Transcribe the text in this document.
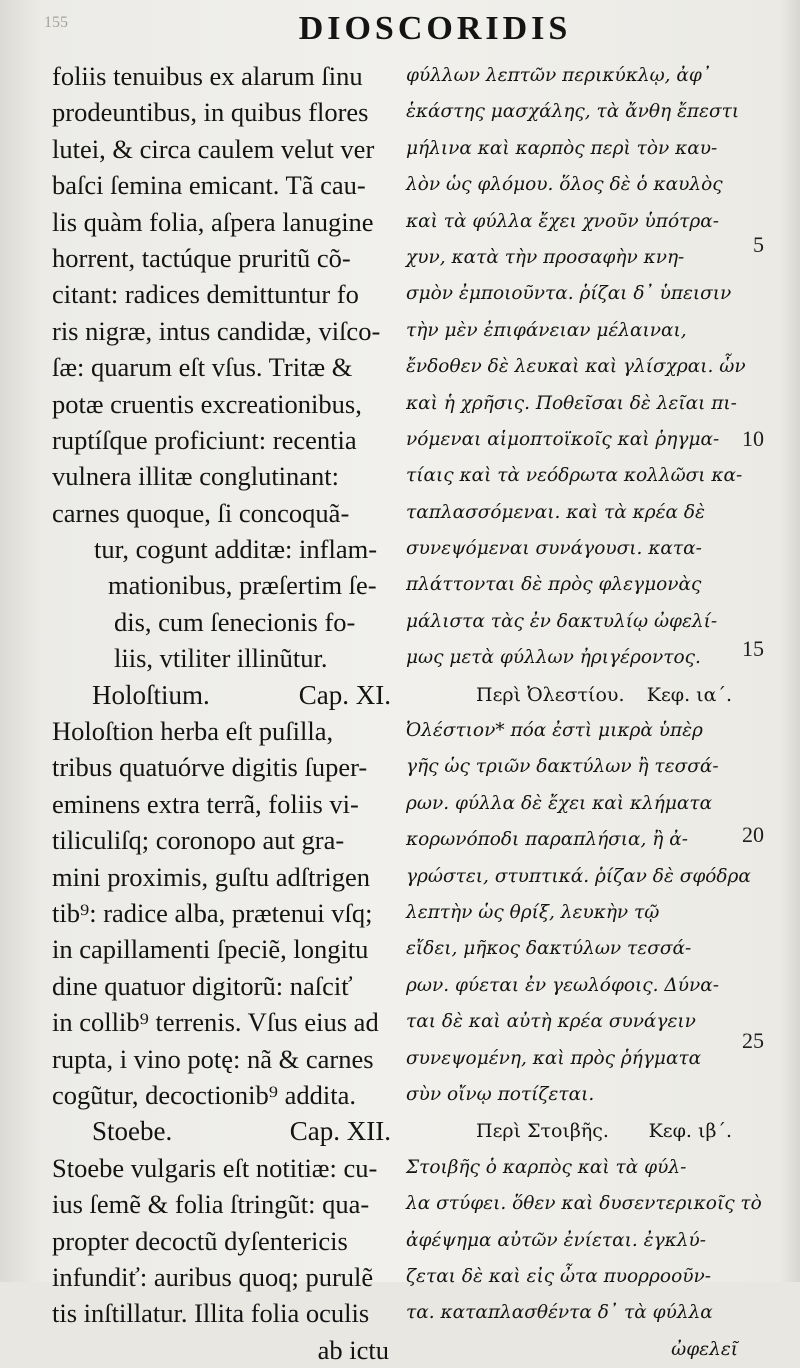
155	DIOSCORIDIS
foliis tenuibus ex alarum ſinu
prodeuntibus, in quibus flores
lutei, & circa caulem velut ver
baſci ſemina emicant. Tã cau-
lis quàm folia, aſpera lanugine
horrent, tactúque pruritũ cõ-
citant: radices demittuntur fo
ris nigræ, intus candidæ, viſco-
ſæ: quarum eſt vſus. Tritæ &
potæ cruentis excreationibus,
ruptíſque proficiunt: recentia
vulnera illitæ conglutinant:
carnes quoque, ſi concoquã-
tur, cogunt additæ: inflam-
mationibus, præſertim ſe-
dis, cum ſenecionis fo-
liis, vtiliter illinũtur.
Holoſtium.	Cap. XI.
Holoſtion herba eſt puſilla,
tribus quatuórve digitis ſuper-
eminens extra terrã, foliis vi-
tiliculiſq; coronopo aut gra-
mini proximis, guſtu adſtrigen
tib⁹: radice alba, prætenui vſq;
in capillamenti ſpeciẽ, longitu
dine quatuor digitorũ: naſciť
in collib⁹ terrenis. Vſus eius ad
rupta, i vino potę: nã & carnes
cogũtur, decoctionib⁹ addita.
Stoebe.	Cap. XII.
Stoebe vulgaris eſt notitiæ: cu-
ius ſemẽ & folia ſtringũt: qua-
propter decoctũ dyſentericis
infundiť: auribus quoq; purulẽ
tis inſtillatur. Illita folia oculis
ab ictu
φύλλων λεπτῶν περικύκλῳ, ἀφ᾽
ἑκάστης μασχάλης, τὰ ἄνθη ἔπεστι
μήλινα καὶ καρπὸς περὶ τὸν καυ-
λὸν ὡς φλόμου. ὅλος δὲ ὁ καυλὸς
καὶ τὰ φύλλα ἔχει χνοῦν ὑπότρα-
χυν, κατὰ τὴν προσαφὴν κνη-
σμὸν ἐμποιοῦντα. ῥίζαι δ᾽ ὑπεισιν
τὴν μὲν ἐπιφάνειαν μέλαιναι,
ἔνδοθεν δὲ λευκαὶ καὶ γλίσχραι. ὧν
καὶ ἡ χρῆσις. Ποθεῖσαι δὲ λεῖαι πι-
νόμεναι αἱμοπτοϊκοῖς καὶ ῥηγμα-
τίαις καὶ τὰ νεόδρωτα κολλῶσι κα-
ταπλασσόμεναι. καὶ τὰ κρέα δὲ
συνεψόμεναι συνάγουσι. κατα-
πλάττονται δὲ πρὸς φλεγμονὰς
μάλιστα τὰς ἐν δακτυλίῳ ὠφελί-
μως μετὰ φύλλων ἠριγέροντος.
Περὶ Ὀλεστίου. Κεφ. ια΄.
Ὀλέστιον* πόα ἐστὶ μικρὰ ὑπὲρ
γῆς ὡς τριῶν δακτύλων ἢ τεσσά-
ρων. φύλλα δὲ ἔχει καὶ κλήματα
κορωνόποδι παραπλήσια, ἢ ἀ-
γρώστει, στυπτικά. ῥίζαν δὲ σφόδρα
λεπτὴν ὡς θρίξ, λευκὴν τῷ
εἴδει, μῆκος δακτύλων τεσσά-
ρων. φύεται ἐν γεωλόφοις. Δύνα-
ται δὲ καὶ αὐτὴ κρέα συνάγειν
συνεψομένη, καὶ πρὸς ῥήγματα
σὺν οἴνῳ ποτίζεται.
Περὶ Στοιβῆς. Κεφ. ιβ΄.
Στοιβῆς ὁ καρπὸς καὶ τὰ φύλ-
λα στύφει. ὅθεν καὶ δυσεντερικοῖς τὸ
ἀφέψημα αὐτῶν ἐνίεται. ἐγκλύ-
ζεται δὲ καὶ εἰς ὦτα πυορροοῦν-
τα. καταπλασθέντα δ᾽ τὰ φύλλα
ὠφελεῖ
5
10
15
20
25
